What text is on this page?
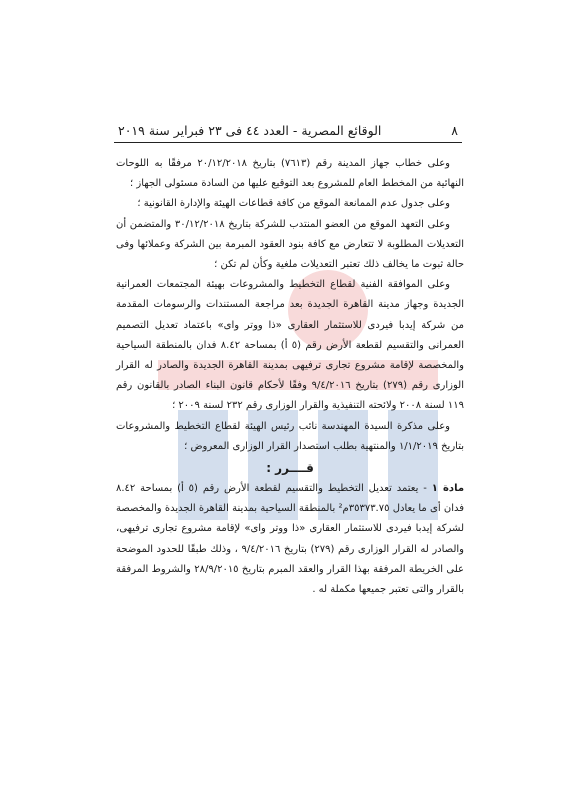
٨
الوقائع المصرية - العدد ٤٤ فى ٢٣ فبراير سنة ٢٠١٩

وعلى خطاب جهاز المدينة رقم (٧٦١٣) بتاريخ ٢٠/١٢/٢٠١٨ مرفقًا به اللوحات النهائية من المخطط العام للمشروع بعد التوقيع عليها من السادة مسئولى الجهاز ؛

وعلى جدول عدم الممانعة الموقع من كافة قطاعات الهيئة والإدارة القانونية ؛

وعلى التعهد الموقع من العضو المنتدب للشركة بتاريخ ٣٠/١٢/٢٠١٨ والمتضمن أن التعديلات المطلوبة لا تتعارض مع كافة بنود العقود المبرمة بين الشركة وعملائها وفى حالة ثبوت ما يخالف ذلك تعتبر التعديلات ملغية وكأن لم تكن ؛

وعلى الموافقة الفنية لقطاع التخطيط والمشروعات بهيئة المجتمعات العمرانية الجديدة وجهاز مدينة القاهرة الجديدة بعد مراجعة المستندات والرسومات المقدمة من شركة إيدبا فيردى للاستثمار العقارى «ذا ووتر واى» باعتماد تعديل التصميم العمرانى والتقسيم لقطعة الأرض رقم (٥ أ) بمساحة ٨.٤٢ فدان بالمنطقة السياحية والمخصصة لإقامة مشروع تجارى ترفيهى بمدينة القاهرة الجديدة والصادر له القرار الوزارى رقم (٢٧٩) بتاريخ ٩/٤/٢٠١٦ وفقًا لأحكام قانون البناء الصادر بالقانون رقم ١١٩ لسنة ٢٠٠٨ ولائحته التنفيذية والقرار الوزارى رقم ٢٣٢ لسنة ٢٠٠٩ ؛

وعلى مذكرة السيدة المهندسة نائب رئيس الهيئة لقطاع التخطيط والمشروعات بتاريخ ١/١/٢٠١٩ والمنتهية بطلب استصدار القرار الوزارى المعروض ؛

قــــرر :

مادة ١ - يعتمد تعديل التخطيط والتقسيم لقطعة الأرض رقم (٥ أ) بمساحة ٨.٤٢ فدان أى ما يعادل ٣٥٣٧٣.٧٥م² بالمنطقة السياحية بمدينة القاهرة الجديدة والمخصصة لشركة إيدبا فيردى للاستثمار العقارى «ذا ووتر واى» لإقامة مشروع تجارى ترفيهى، والصادر له القرار الوزارى رقم (٢٧٩) بتاريخ ٩/٤/٢٠١٦ ، وذلك طبقًا للحدود الموضحة على الخريطة المرفقة بهذا القرار والعقد المبرم بتاريخ ٢٨/٩/٢٠١٥ والشروط المرفقة بالقرار والتى تعتبر جميعها مكملة له .
